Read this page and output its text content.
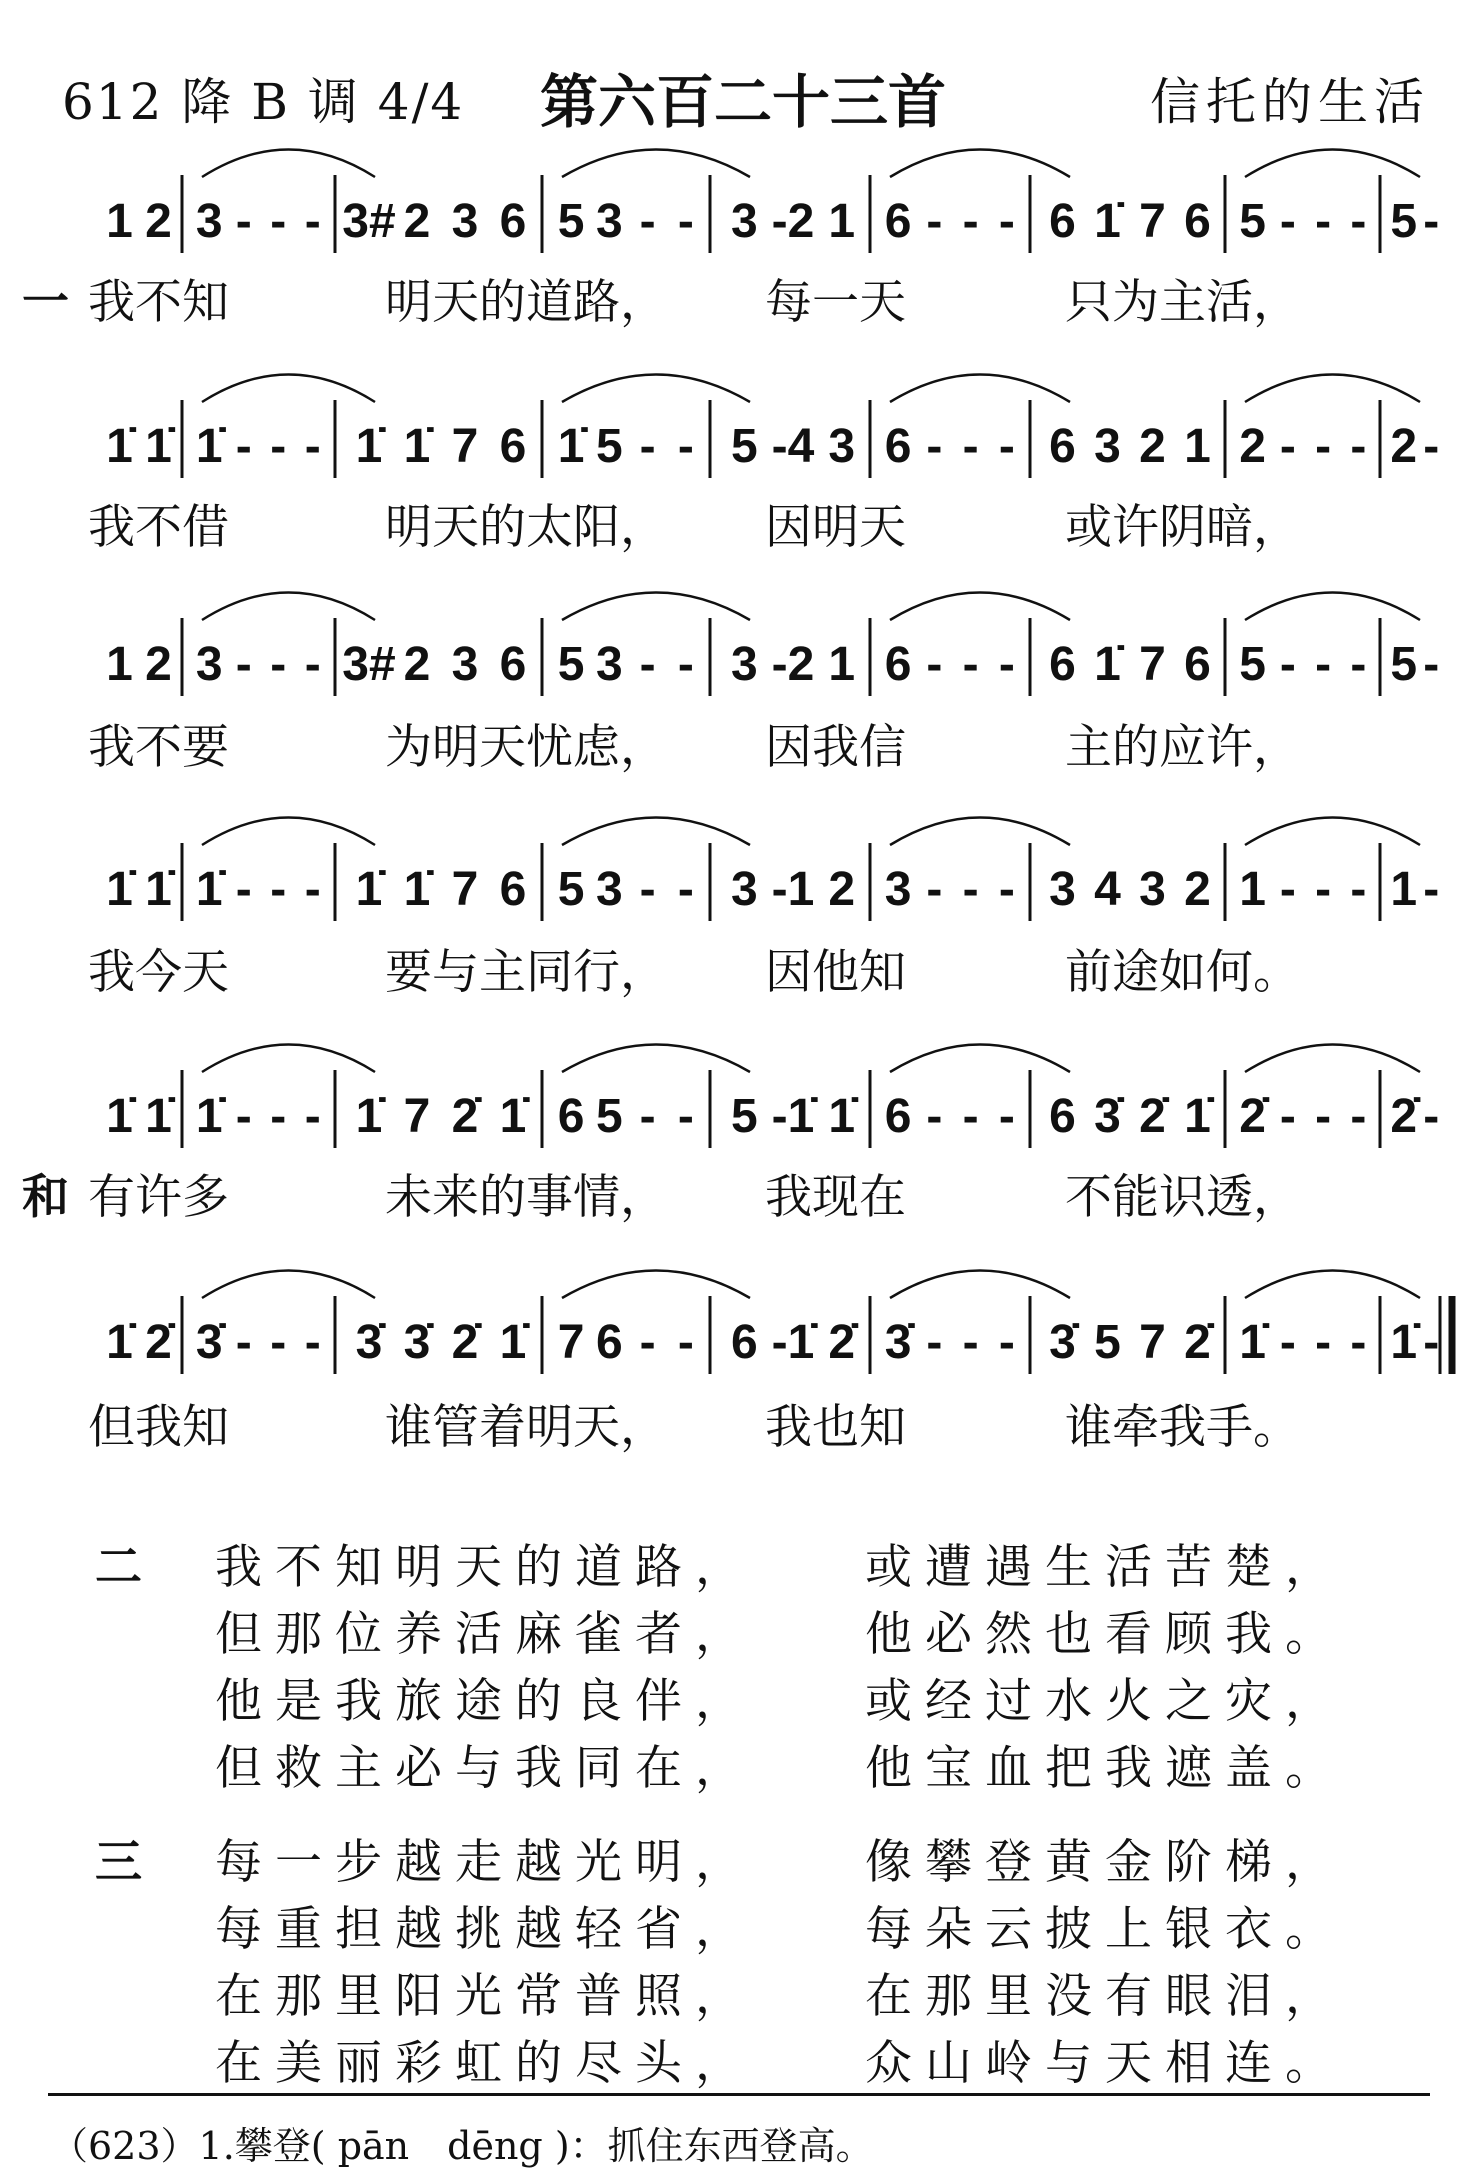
612 降 B 调 4/4 第六百二十三首	信托的生活
1 2 3 - - - 3# 2 3 6 5 3 - - 3 -2 1 6 - - - 6 1̇ 7 6 5 - - - 5 -
1̇ 1̇ 1̇ - - - 1̇ 1̇ 7 6 1̇ 5 - - 5 -4 3 6 - - - 6 3 2 1 2 - - - 2 -
1 2 3 - - - 3# 2 3 6 5 3 - - 3 -2 1 6 - - - 6 1̇ 7 6 5 - - - 5 -
1̇ 1̇ 1̇ - - - 1̇ 1̇ 7 6 5 3 - - 3 -1 2 3 - - - 3 4 3 2 1 - - - 1 -
1̇ 1̇ 1̇ - - - 1̇ 7 2̇ 1̇ 6 5 - - 5 -1̇ 1̇ 6 - - - 6 3̇ 2̇ 1̇ 2̇ - - - 2̇ -
1̇ 2̇ 3̇ - - - 3̇ 3̇ 2̇ 1̇ 7 6 - - 6 -1̇ 2̇ 3̇ - - - 3̇ 5 7 2̇ 1̇ - - - 1̇ -
一 我不知	明天的道路， 每一天	只为主活，
我不借	明天的太阳， 因明天	或许阴暗，
我不要	为明天忧虑， 因我信	主的应许，
我今天	要与主同行， 因他知	前途如何。
和 有许多	未来的事情， 我现在	不能识透，
但我知	谁管着明天， 我也知	谁牵我手。
二 我不知明天的道路， 或遭遇生活苦楚，
但那位养活麻雀者， 他必然也看顾我。
他是我旅途的良伴， 或经过水火之灾，
但救主必与我同在， 他宝血把我遮盖。
三 每一步越走越光明， 像攀登黄金阶梯，
每重担越挑越轻省， 每朵云披上银衣。
在那里阳光常普照， 在那里没有眼泪，
在美丽彩虹的尽头， 众山岭与天相连。
（623）1.攀登( pān　dēng )：抓住东西登高。
